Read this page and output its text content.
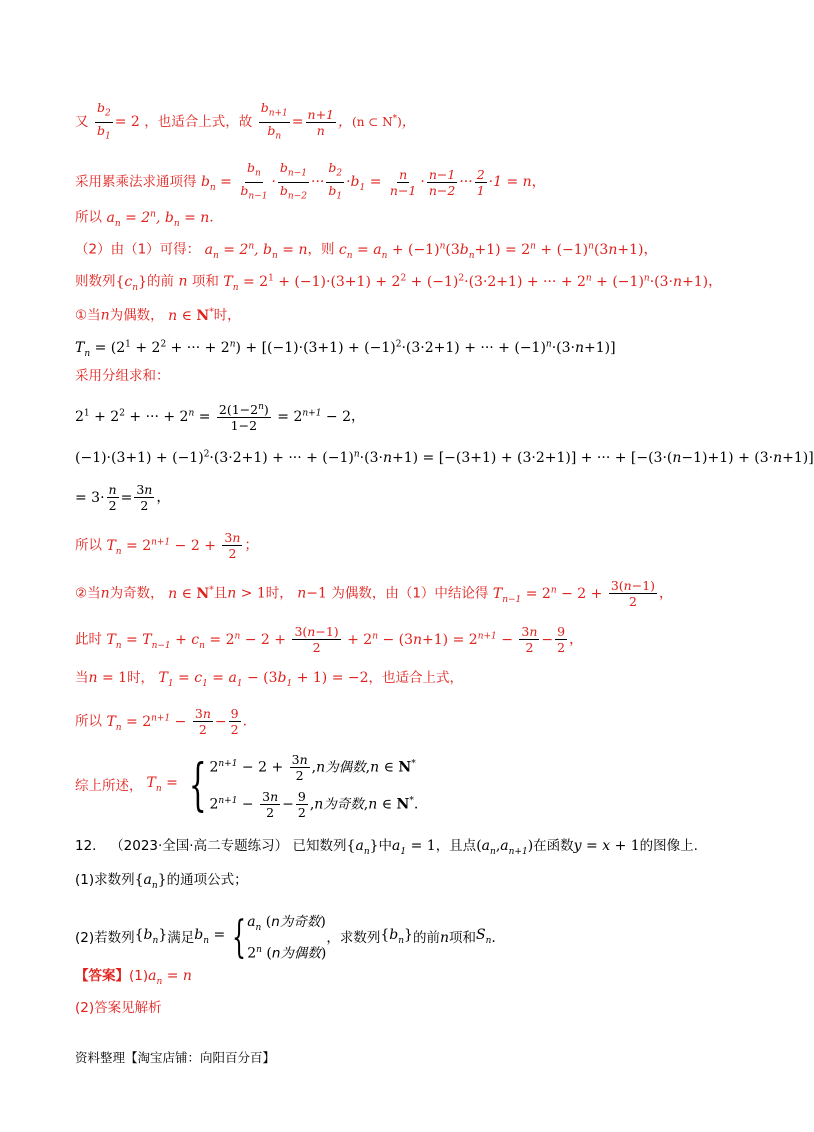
又 $\frac{b_2}{b_1} = 2$ ，也适合上式，故 $\frac{b_{n+1}}{b_n} = \frac{n+1}{n}$ ，(n ⊂ N*)，
采用累乘法求通项得 $b_n = \frac{b_n}{b_{n-1}} \cdot \frac{b_{n-1}}{b_{n-2}}$ ··· $\frac{b_2}{b_1} \cdot b_1 = \frac{n}{n-1} \cdot \frac{n-1}{n-2}$ ··· $\frac{2}{1} \cdot 1 = n$，
所以 $a_n = 2^n$, $b_n = n$.
（2）由（1）可得： $a_n = 2^n$, $b_n = n$，则 $c_n = a_n + (-1)^n(3b_n+1) = 2^n + (-1)^n(3n+1)$，
则数列$\{c_n\}$的前 n 项和 $T_n = 2^1 + (-1)\cdot(3+1) + 2^2 + (-1)^2\cdot(3\cdot 2+1)$ + ··· + $2^n + (-1)^n\cdot(3\cdot n+1)$，
①当n为偶数， n ∈ N*时，
$T_n = (2^1 + 2^2$ + ··· + $2^n) + [(-1)\cdot(3+1) + (-1)^2\cdot(3\cdot 2+1)$ + ··· + $(-1)^n\cdot(3\cdot n+1)$]
采用分组求和：
$2^1 + 2^2$ + ··· + $2^n = \frac{2(1-2^n)}{1-2} = 2^{n+1} - 2$，
$(-1)\cdot(3+1) + (-1)^2\cdot(3\cdot 2+1)$ + ··· + $(-1)^n\cdot(3\cdot n+1) = [-(3+1) + (3\cdot 2+1)]$ + ··· + [−(3·(n−1)+1) + (3·n+1)]
= $3\cdot \frac{n}{2} = \frac{3n}{2}$ ，
所以 $T_n = 2^{n+1} - 2 + \frac{3n}{2}$ ；
②当n为奇数， n ∈ N*且n > 1时， n−1 为偶数，由（1）中结论得 $T_{n-1} = 2^n - 2 + \frac{3(n-1)}{2}$ ，
此时 $T_n = T_{n-1} + c_n = 2^n - 2 + \frac{3(n-1)}{2} + 2^n - (3n+1) = 2^{n+1} - \frac{3n}{2} - \frac{9}{2}$ ，
当n = 1时， $T_1 = c_1 = a_1 - (3b_1 + 1) = -2$，也适合上式，
所以 $T_n = 2^{n+1} - \frac{3n}{2} - \frac{9}{2}$ .
综上所述， $T_n$ = { $2^{n+1} - 2 + \frac{3n}{2} ,n$为偶数,n ∈ N*
$2^{n+1} - \frac{3n}{2} - \frac{9}{2} ,n$为奇数,n ∈ N*.
12． （2023·全国·高二专题练习） 已知数列$\{a_n\}$中$a_1 = 1$，且点$(a_n,a_{n+1})$在函数y = x + 1的图像上.
(1)求数列$\{a_n\}$的通项公式；
(2)若数列 $\{b_n\}$ 满足 $b_n$ = { $a_n$ (n为奇数)
2$^n$ (n为偶数)
，求数列 $\{b_n\}$ 的前 n 项和 $S_n$ .
【答案】$(1)a_n = n$
(2)答案见解析
资料整理【淘宝店铺：向阳百分百】
